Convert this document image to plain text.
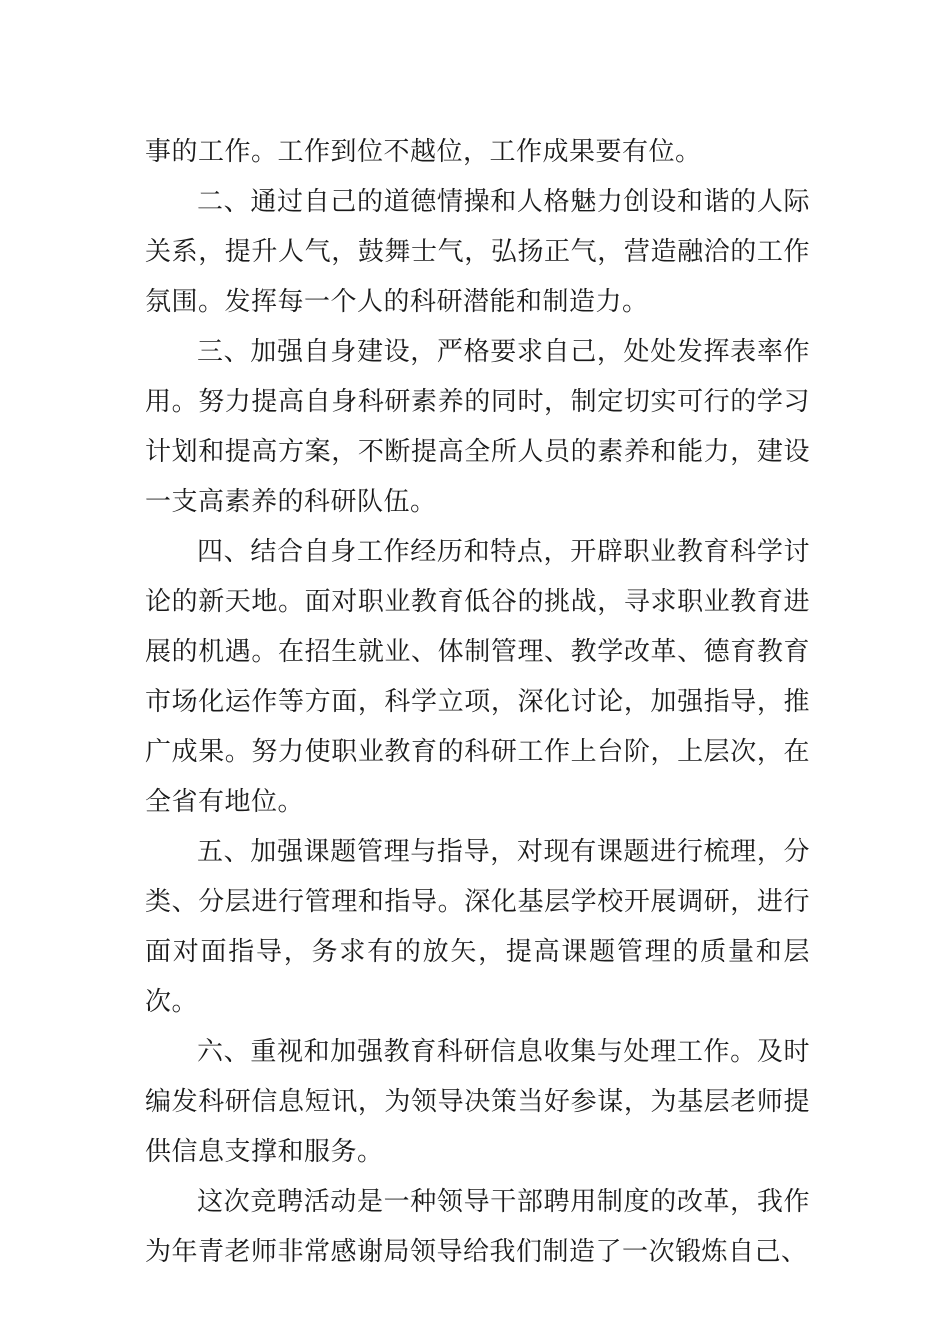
事的工作。工作到位不越位，工作成果要有位。

二、通过自己的道德情操和人格魅力创设和谐的人际关系，提升人气，鼓舞士气，弘扬正气，营造融洽的工作氛围。发挥每一个人的科研潜能和制造力。

三、加强自身建设，严格要求自己，处处发挥表率作用。努力提高自身科研素养的同时，制定切实可行的学习计划和提高方案，不断提高全所人员的素养和能力，建设一支高素养的科研队伍。

四、结合自身工作经历和特点，开辟职业教育科学讨论的新天地。面对职业教育低谷的挑战，寻求职业教育进展的机遇。在招生就业、体制管理、教学改革、德育教育市场化运作等方面，科学立项，深化讨论，加强指导，推广成果。努力使职业教育的科研工作上台阶，上层次，在全省有地位。

五、加强课题管理与指导，对现有课题进行梳理，分类、分层进行管理和指导。深化基层学校开展调研，进行面对面指导，务求有的放矢，提高课题管理的质量和层次。

六、重视和加强教育科研信息收集与处理工作。及时编发科研信息短讯，为领导决策当好参谋，为基层老师提供信息支撑和服务。

这次竞聘活动是一种领导干部聘用制度的改革，我作为年青老师非常感谢局领导给我们制造了一次锻炼自己、
